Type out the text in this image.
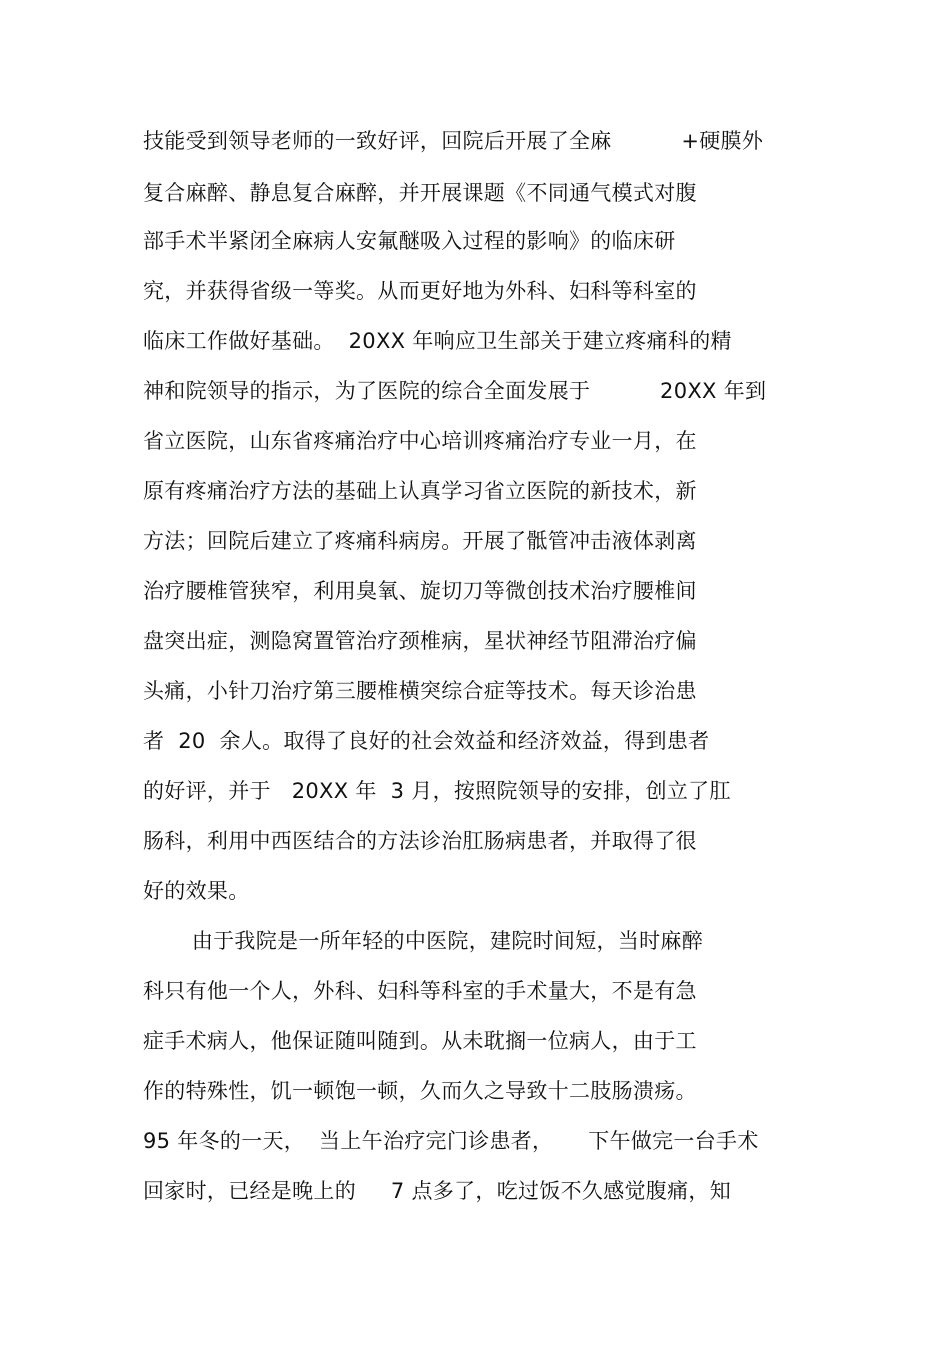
技能受到领导老师的一致好评，回院后开展了全麻          +硬膜外
复合麻醉、静息复合麻醉，并开展课题《不同通气模式对腹
部手术半紧闭全麻病人安氟醚吸入过程的影响》的临床研
究，并获得省级一等奖。从而更好地为外科、妇科等科室的
临床工作做好基础。  20XX 年响应卫生部关于建立疼痛科的精
神和院领导的指示，为了医院的综合全面发展于          20XX 年到
省立医院，山东省疼痛治疗中心培训疼痛治疗专业一月，在
原有疼痛治疗方法的基础上认真学习省立医院的新技术，新
方法；回院后建立了疼痛科病房。开展了骶管冲击液体剥离
治疗腰椎管狭窄，利用臭氧、旋切刀等微创技术治疗腰椎间
盘突出症，测隐窝置管治疗颈椎病，星状神经节阻滞治疗偏
头痛，小针刀治疗第三腰椎横突综合症等技术。每天诊治患
者  20  余人。取得了良好的社会效益和经济效益，得到患者
的好评，并于   20XX 年  3 月，按照院领导的安排，创立了肛
肠科，利用中西医结合的方法诊治肛肠病患者，并取得了很
好的效果。
由于我院是一所年轻的中医院，建院时间短，当时麻醉
科只有他一个人，外科、妇科等科室的手术量大，不是有急
症手术病人，他保证随叫随到。从未耽搁一位病人，由于工
作的特殊性，饥一顿饱一顿，久而久之导致十二肢肠溃疡。
95 年冬的一天，  当上午治疗完门诊患者，     下午做完一台手术
回家时，已经是晚上的     7 点多了，吃过饭不久感觉腹痛，知
